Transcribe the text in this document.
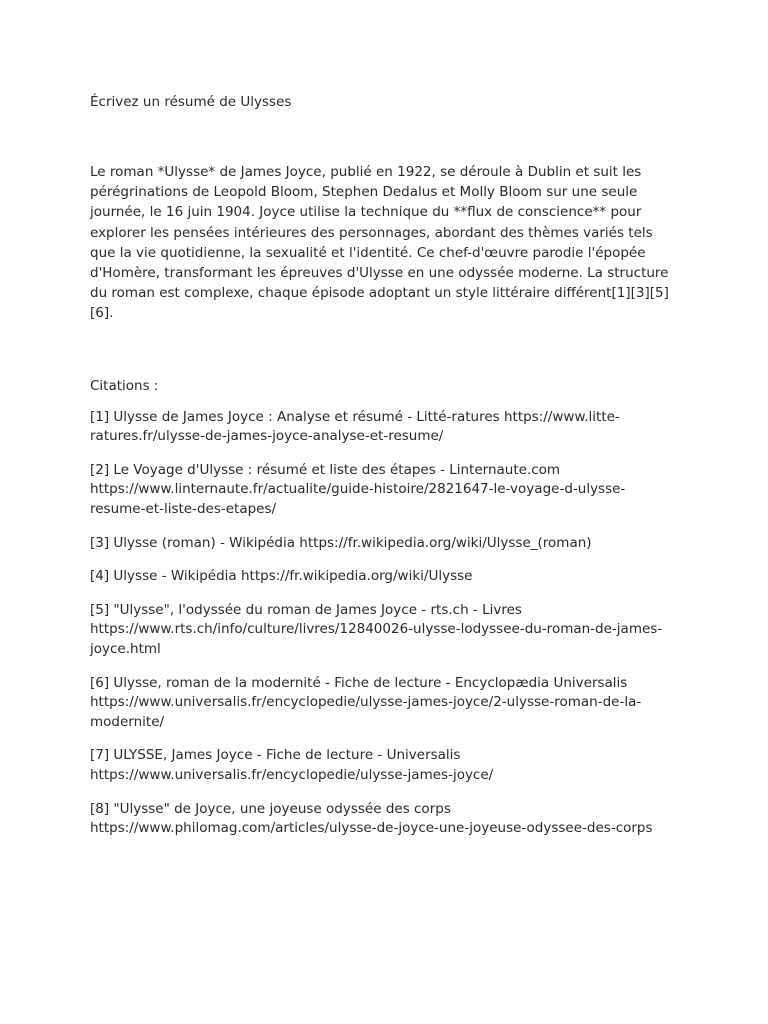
Écrivez un résumé de Ulysses

Le roman *Ulysse* de James Joyce, publié en 1922, se déroule à Dublin et suit les pérégrinations de Leopold Bloom, Stephen Dedalus et Molly Bloom sur une seule journée, le 16 juin 1904. Joyce utilise la technique du **flux de conscience** pour explorer les pensées intérieures des personnages, abordant des thèmes variés tels que la vie quotidienne, la sexualité et l'identité. Ce chef-d'œuvre parodie l'épopée d'Homère, transformant les épreuves d'Ulysse en une odyssée moderne. La structure du roman est complexe, chaque épisode adoptant un style littéraire différent[1][3][5][6].

Citations :

[1] Ulysse de James Joyce : Analyse et résumé - Litté-ratures https://www.litte-ratures.fr/ulysse-de-james-joyce-analyse-et-resume/

[2] Le Voyage d'Ulysse : résumé et liste des étapes - Linternaute.com https://www.linternaute.fr/actualite/guide-histoire/2821647-le-voyage-d-ulysse-resume-et-liste-des-etapes/

[3] Ulysse (roman) - Wikipédia https://fr.wikipedia.org/wiki/Ulysse_(roman)

[4] Ulysse - Wikipédia https://fr.wikipedia.org/wiki/Ulysse

[5] "Ulysse", l'odyssée du roman de James Joyce - rts.ch - Livres https://www.rts.ch/info/culture/livres/12840026-ulysse-lodyssee-du-roman-de-james-joyce.html

[6] Ulysse, roman de la modernité - Fiche de lecture - Encyclopædia Universalis https://www.universalis.fr/encyclopedie/ulysse-james-joyce/2-ulysse-roman-de-la-modernite/

[7] ULYSSE, James Joyce - Fiche de lecture - Universalis https://www.universalis.fr/encyclopedie/ulysse-james-joyce/

[8] "Ulysse" de Joyce, une joyeuse odyssée des corps https://www.philomag.com/articles/ulysse-de-joyce-une-joyeuse-odyssee-des-corps
